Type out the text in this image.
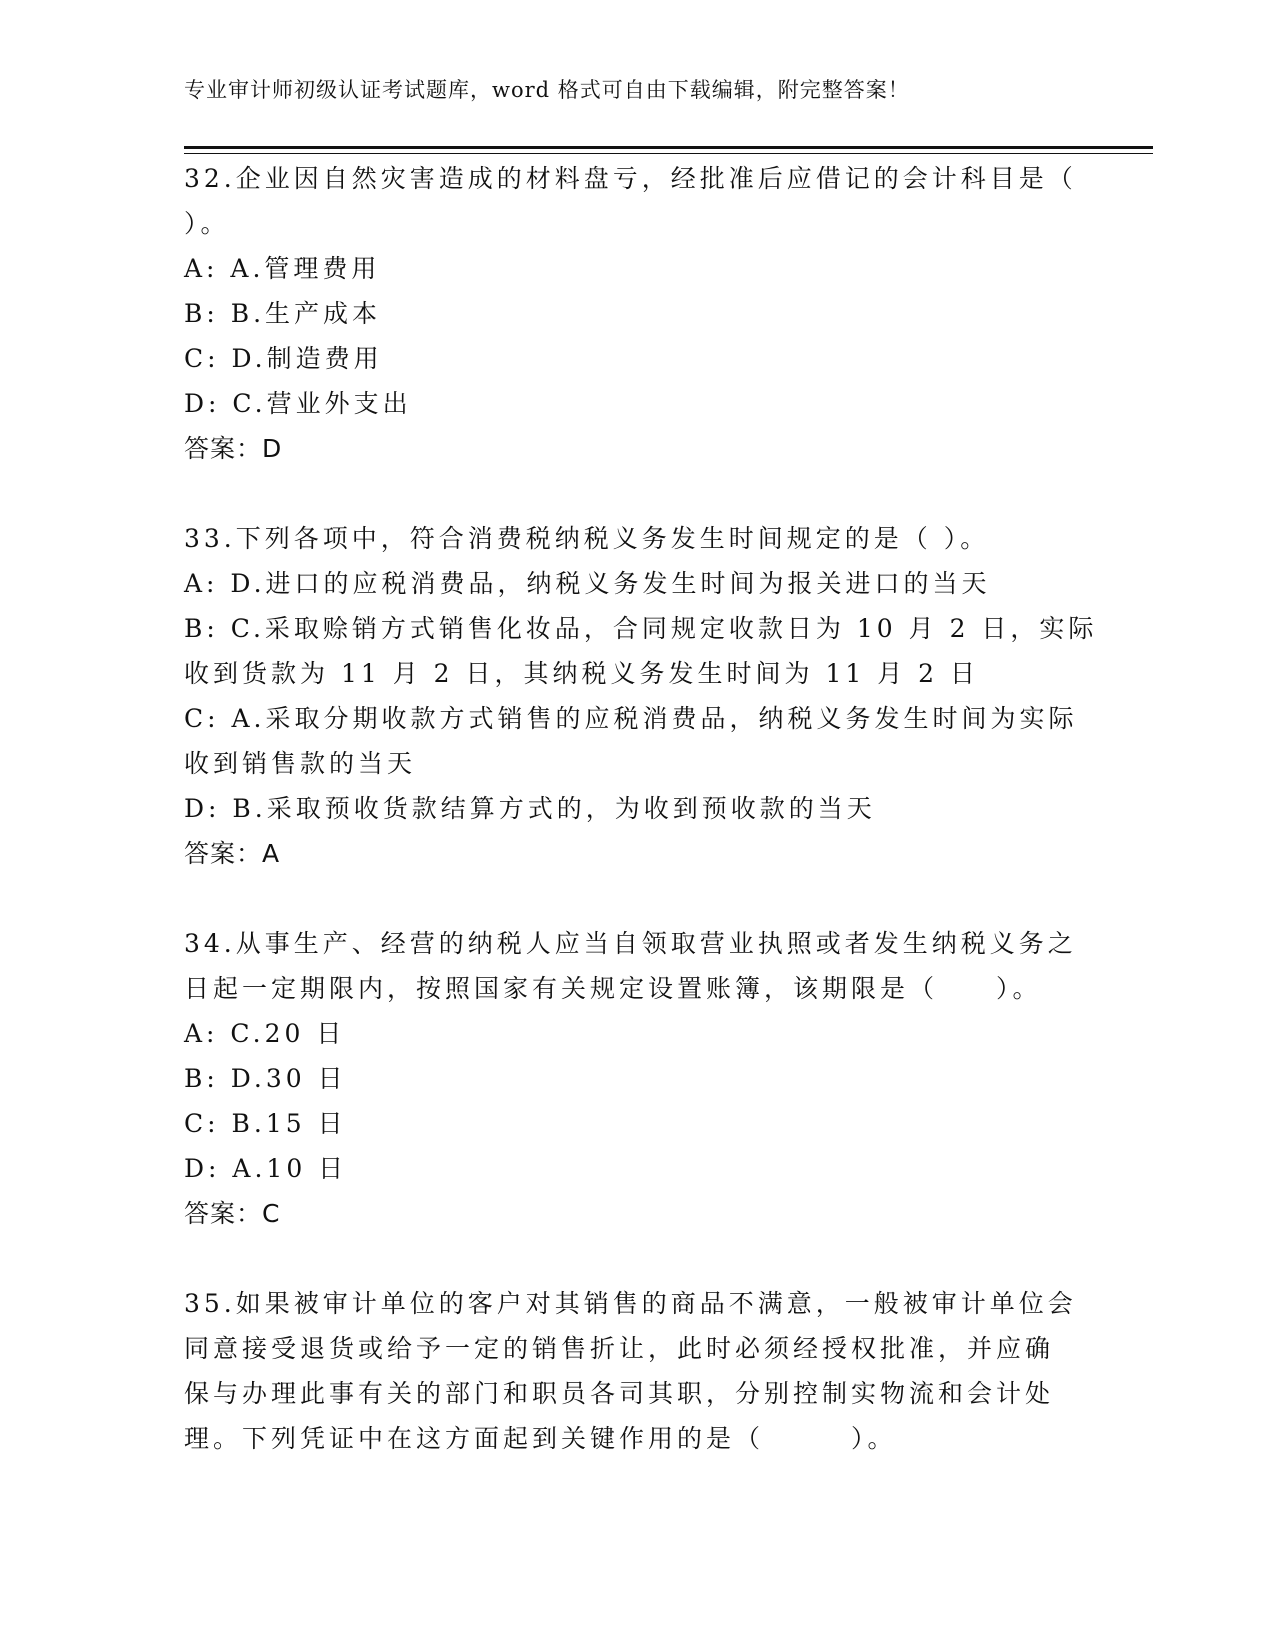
专业审计师初级认证考试题库，word 格式可自由下载编辑，附完整答案！
32.企业因自然灾害造成的材料盘亏，经批准后应借记的会计科目是（
）。
A: A.管理费用
B: B.生产成本
C: D.制造费用
D: C.营业外支出
答案：D
33.下列各项中，符合消费税纳税义务发生时间规定的是（ ）。
A: D.进口的应税消费品，纳税义务发生时间为报关进口的当天
B: C.采取赊销方式销售化妆品，合同规定收款日为 10 月 2 日，实际
收到货款为 11 月 2 日，其纳税义务发生时间为 11 月 2 日
C: A.采取分期收款方式销售的应税消费品，纳税义务发生时间为实际
收到销售款的当天
D: B.采取预收货款结算方式的，为收到预收款的当天
答案：A
34.从事生产、经营的纳税人应当自领取营业执照或者发生纳税义务之
日起一定期限内，按照国家有关规定设置账簿，该期限是（　　）。
A: C.20 日
B: D.30 日
C: B.15 日
D: A.10 日
答案：C
35.如果被审计单位的客户对其销售的商品不满意，一般被审计单位会
同意接受退货或给予一定的销售折让，此时必须经授权批准，并应确
保与办理此事有关的部门和职员各司其职，分别控制实物流和会计处
理。下列凭证中在这方面起到关键作用的是（　　　）。
